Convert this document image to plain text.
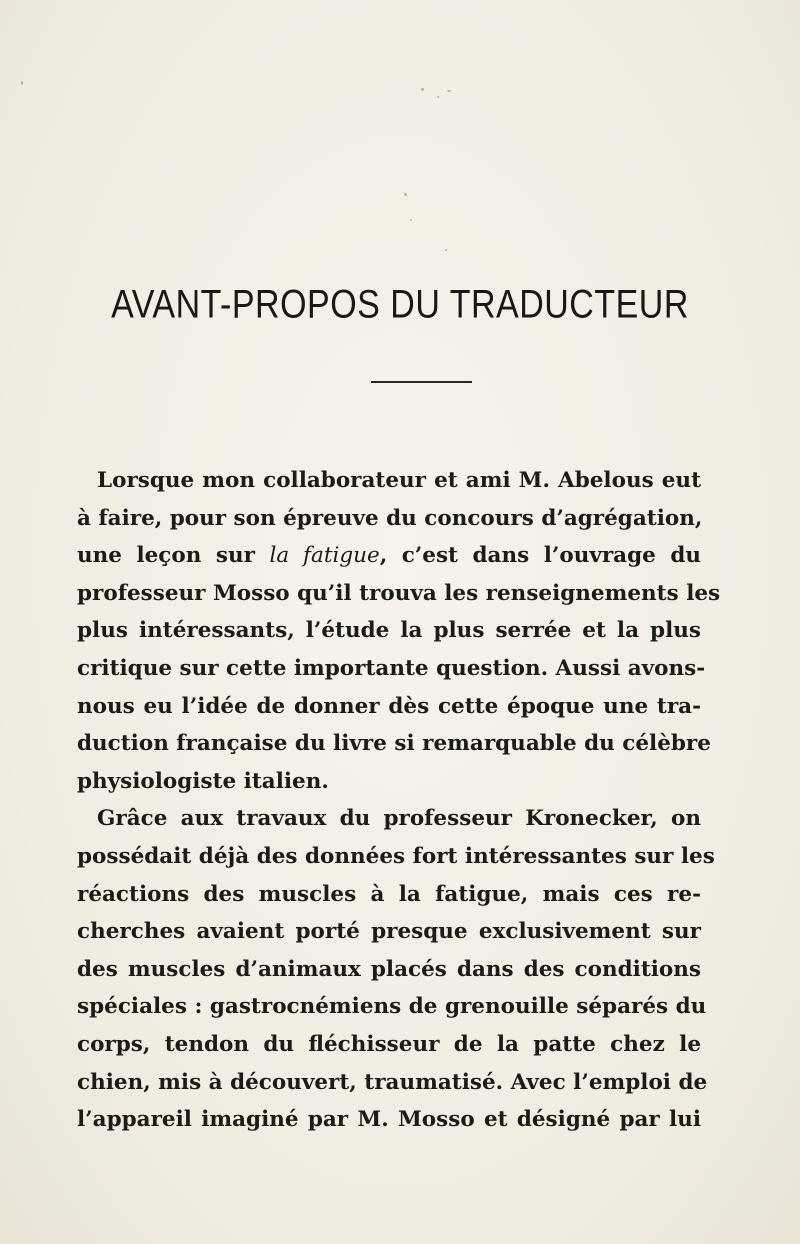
AVANT-PROPOS DU TRADUCTEUR
Lorsque mon collaborateur et ami M. Abelous eut
à faire, pour son épreuve du concours d’agrégation,
une leçon sur la fatigue, c’est dans l’ouvrage du
professeur Mosso qu’il trouva les renseignements les
plus intéressants, l’étude la plus serrée et la plus
critique sur cette importante question. Aussi avons-
nous eu l’idée de donner dès cette époque une tra-
duction française du livre si remarquable du célèbre
physiologiste italien.
Grâce aux travaux du professeur Kronecker, on
possédait déjà des données fort intéressantes sur les
réactions des muscles à la fatigue, mais ces re-
cherches avaient porté presque exclusivement sur
des muscles d’animaux placés dans des conditions
spéciales : gastrocnémiens de grenouille séparés du
corps, tendon du fléchisseur de la patte chez le
chien, mis à découvert, traumatisé. Avec l’emploi de
l’appareil imaginé par M. Mosso et désigné par lui
